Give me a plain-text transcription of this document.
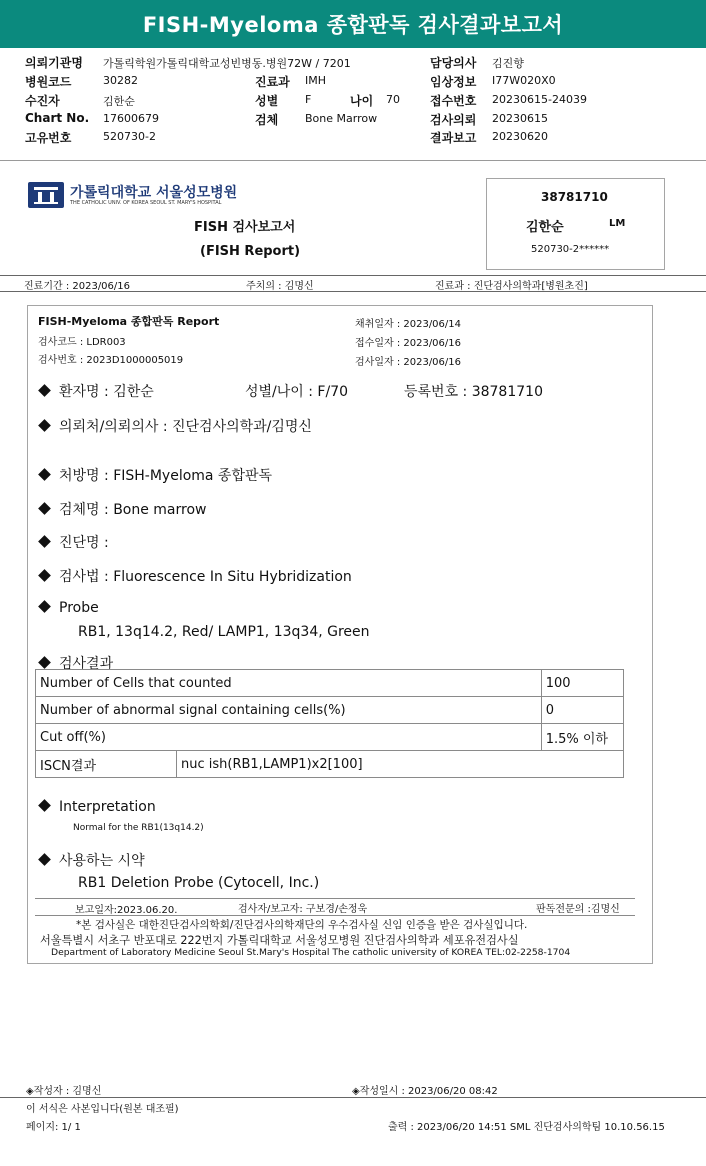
FISH-Myeloma 종합판독 검사결과보고서
의뢰기관명 가톨릭학원가톨릭대학교성빈병동.병원72W / 7201
병원코드	30282
수진자	김한순
Chart No. 17600679
고유번호	520730-2
진료과 IMH
성별 F	나이 70
검체 Bone Marrow
담당의사 김진향
임상정보 I77W020X0
접수번호 20230615-24039
검사의뢰 20230615
결과보고 20230620
가톨릭대학교 서울성모병원
THE CATHOLIC UNIV. OF KOREA SEOUL ST. MARY'S HOSPITAL
FISH 검사보고서
(FISH Report)
38781710
김한순	LM
520730-2******
진료기간 : 2023/06/16	주치의 : 김명신	진료과 : 진단검사의학과[병원초진]
FISH-Myeloma 종합판독 Report
검사코드 : LDR003
검사번호 : 2023D1000005019
채취일자 : 2023/06/14
접수일자 : 2023/06/16
검사일자 : 2023/06/16
환자명 : 김한순	성별/나이 : F/70	등록번호 : 38781710
의뢰처/의뢰의사 : 진단검사의학과/김명신
처방명 : FISH-Myeloma 종합판독
검체명 : Bone marrow
진단명 :
검사법 : Fluorescence In Situ Hybridization
Probe
RB1, 13q14.2, Red/ LAMP1, 13q34, Green
검사결과
Number of Cells that counted		100
Number of abnormal signal containing cells(%)		0
Cut off(%)		1.5% 이하
ISCN결과	nuc ish(RB1,LAMP1)x2[100]	
Interpretation
Normal for the RB1(13q14.2)
사용하는 시약
RB1 Deletion Probe (Cytocell, Inc.)
보고일자:2023.06.20.	검사자/보고자: 구보경/손정욱	판독전문의 :김명신
*본 검사실은 대한진단검사의학회/진단검사의학재단의 우수검사실 신임 인증을 받은 검사실입니다.
서울특별시 서초구 반포대로 222번지 가톨릭대학교 서울성모병원 진단검사의학과 세포유전검사실
Department of Laboratory Medicine Seoul St.Mary's Hospital The catholic university of KOREA TEL:02-2258-1704
◈작성자 : 김명신	◈작성일시 : 2023/06/20 08:42
이 서식은 사본입니다(원본 대조필)
페이지: 1/ 1	출력 : 2023/06/20 14:51 SML 진단검사의학팀 10.10.56.15
